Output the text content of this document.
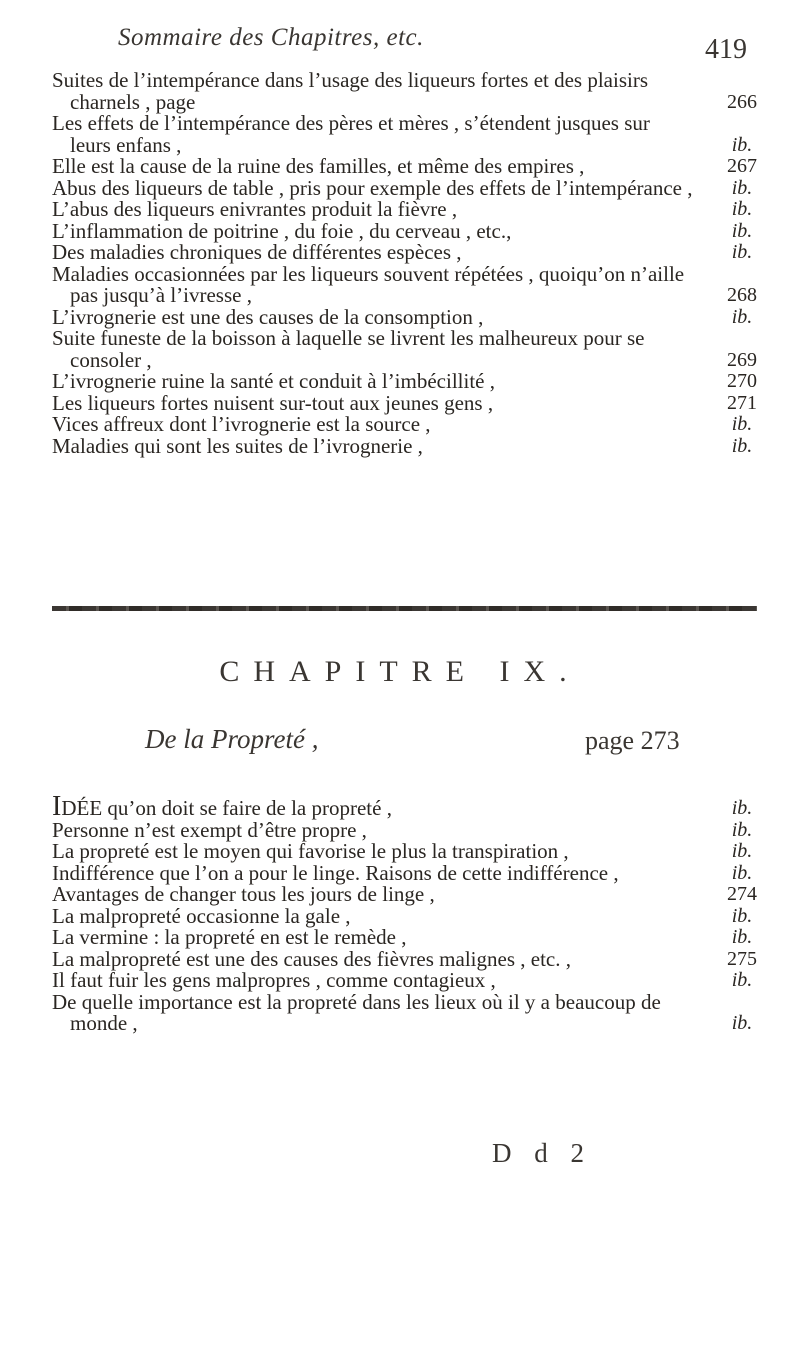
Sommaire des Chapitres, etc.	419
Suites de l’intempérance dans l’usage des liqueurs fortes et des plaisirs charnels , page	266
Les effets de l’intempérance des pères et mères , s’étendent jusques sur leurs enfans ,	ib.
Elle est la cause de la ruine des familles, et même des empires ,	267
Abus des liqueurs de table , pris pour exemple des effets de l’intempérance ,	ib.
L’abus des liqueurs enivrantes produit la fièvre ,	ib.
L’inflammation de poitrine , du foie , du cerveau , etc.,	ib.
Des maladies chroniques de différentes espèces ,	ib.
Maladies occasionnées par les liqueurs souvent répétées , quoiqu’on n’aille pas jusqu’à l’ivresse ,	268
L’ivrognerie est une des causes de la consomption ,	ib.
Suite funeste de la boisson à laquelle se livrent les malheureux pour se consoler ,	269
L’ivrognerie ruine la santé et conduit à l’imbécillité ,	270
Les liqueurs fortes nuisent sur-tout aux jeunes gens ,	271
Vices affreux dont l’ivrognerie est la source ,	ib.
Maladies qui sont les suites de l’ivrognerie ,	ib.
CHAPITRE IX.
De la Propreté ,	page 273
IDÉE qu’on doit se faire de la propreté ,	ib.
Personne n’est exempt d’être propre ,	ib.
La propreté est le moyen qui favorise le plus la transpiration ,	ib.
Indifférence que l’on a pour le linge. Raisons de cette indifférence ,	ib.
Avantages de changer tous les jours de linge ,	274
La malpropreté occasionne la gale ,	ib.
La vermine : la propreté en est le remède ,	ib.
La malpropreté est une des causes des fièvres malignes , etc. ,	275
Il faut fuir les gens malpropres , comme contagieux ,	ib.
De quelle importance est la propreté dans les lieux où il y a beaucoup de monde ,	ib.
D d 2
